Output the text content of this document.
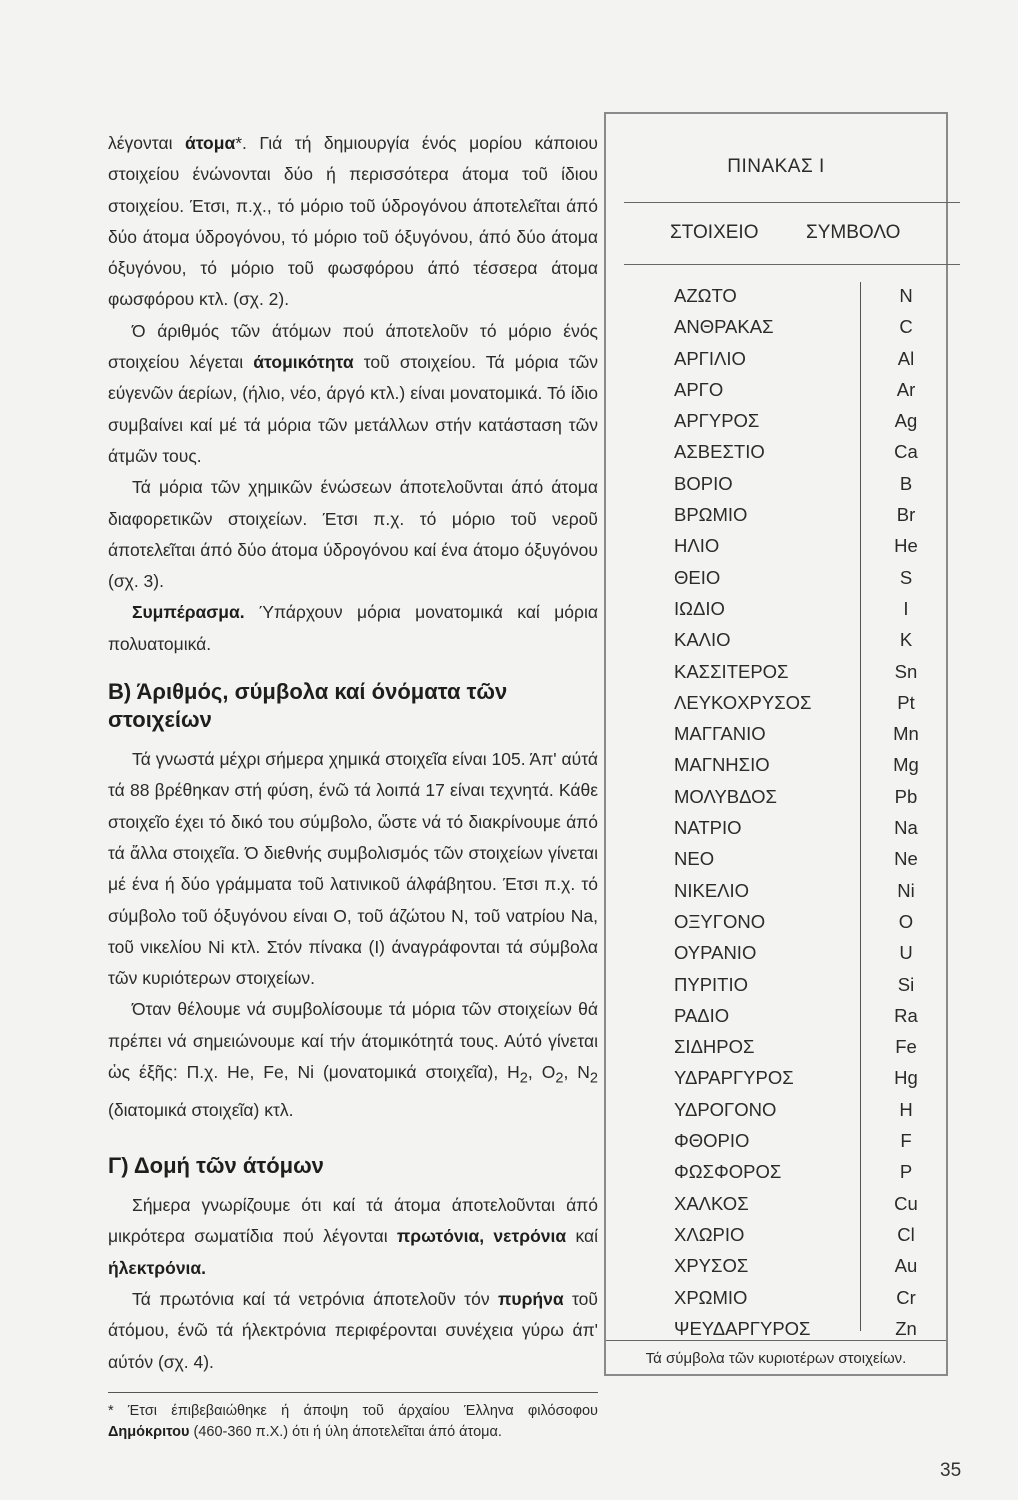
λέγονται άτομα*. Γιά τή δημιουργία ένός μορίου κάποιου στοιχείου ένώνονται δύο ή περισσότερα άτομα τοῦ ίδιου στοιχείου. Έτσι, π.χ., τό μόριο τοῦ ύδρογόνου άποτελεῖται άπό δύο άτομα ύδρογόνου, τό μόριο τοῦ όξυγόνου, άπό δύο άτομα όξυγόνου, τό μόριο τοῦ φωσφόρου άπό τέσσερα άτομα φωσφόρου κτλ. (σχ. 2).

Ό άριθμός τῶν άτόμων πού άποτελοῦν τό μόριο ένός στοιχείου λέγεται άτομικότητα τοῦ στοιχείου. Τά μόρια τῶν εύγενῶν άερίων, (ήλιο, νέο, άργό κτλ.) είναι μονατομικά. Τό ίδιο συμβαίνει καί μέ τά μόρια τῶν μετάλλων στήν κατάσταση τῶν άτμῶν τους.

Τά μόρια τῶν χημικῶν ένώσεων άποτελοῦνται άπό άτομα διαφορετικῶν στοιχείων. Έτσι π.χ. τό μόριο τοῦ νεροῦ άποτελεῖται άπό δύο άτομα ύδρογόνου καί ένα άτομο όξυγόνου (σχ. 3).

Συμπέρασμα. Ύπάρχουν μόρια μονατομικά καί μόρια πολυατομικά.

Β) Άριθμός, σύμβολα καί όνόματα τῶν στοιχείων

Τά γνωστά μέχρι σήμερα χημικά στοιχεῖα είναι 105. Άπ' αύτά τά 88 βρέθηκαν στή φύση, ένῶ τά λοιπά 17 είναι τεχνητά. Κάθε στοιχεῖο έχει τό δικό του σύμβολο, ὥστε νά τό διακρίνουμε άπό τά ἄλλα στοιχεῖα. Ό διεθνής συμβολισμός τῶν στοιχείων γίνεται μέ ένα ή δύο γράμματα τοῦ λατινικοῦ άλφάβητου. Έτσι π.χ. τό σύμβολο τοῦ όξυγόνου είναι O, τοῦ άζώτου N, τοῦ νατρίου Na, τοῦ νικελίου Ni κτλ. Στόν πίνακα (I) άναγράφονται τά σύμβολα τῶν κυριότερων στοιχείων.

Όταν θέλουμε νά συμβολίσουμε τά μόρια τῶν στοιχείων θά πρέπει νά σημειώνουμε καί τήν άτομικότητά τους. Αύτό γίνεται ὡς έξῆς: Π.χ. He, Fe, Ni (μονατομικά στοιχεῖα), $H_2$, $O_2$, $N_2$ (διατομικά στοιχεῖα) κτλ.

Γ) Δομή τῶν άτόμων

Σήμερα γνωρίζουμε ότι καί τά άτομα άποτελοῦνται άπό μικρότερα σωματίδια πού λέγονται πρωτόνια, νετρόνια καί ήλεκτρόνια.

Τά πρωτόνια καί τά νετρόνια άποτελοῦν τόν πυρήνα τοῦ άτόμου, ένῶ τά ήλεκτρόνια περιφέρονται συνέχεια γύρω άπ' αύτόν (σχ. 4).

* Έτσι έπιβεβαιώθηκε ή άποψη τοῦ άρχαίου Έλληνα φιλόσοφου Δημόκριτου (460-360 π.Χ.) ότι ή ύλη άποτελεῖται άπό άτομα.

ΠΙΝΑΚΑΣ I
ΣΤΟΙΧΕΙΟ	ΣΥΜΒΟΛΟ
ΑΖΩΤΟ	N
ΑΝΘΡΑΚΑΣ	C
ΑΡΓΙΛΙΟ	Al
ΑΡΓΟ	Ar
ΑΡΓΥΡΟΣ	Ag
ΑΣΒΕΣΤΙΟ	Ca
ΒΟΡΙΟ	B
ΒΡΩΜΙΟ	Br
ΗΛΙΟ	He
ΘΕΙΟ	S
ΙΩΔΙΟ	I
ΚΑΛΙΟ	K
ΚΑΣΣΙΤΕΡΟΣ	Sn
ΛΕΥΚΟΧΡΥΣΟΣ	Pt
ΜΑΓΓΑΝΙΟ	Mn
ΜΑΓΝΗΣΙΟ	Mg
ΜΟΛΥΒΔΟΣ	Pb
ΝΑΤΡΙΟ	Na
ΝΕΟ	Ne
ΝΙΚΕΛΙΟ	Ni
ΟΞΥΓΟΝΟ	O
ΟΥΡΑΝΙΟ	U
ΠΥΡΙΤΙΟ	Si
ΡΑΔΙΟ	Ra
ΣΙΔΗΡΟΣ	Fe
ΥΔΡΑΡΓΥΡΟΣ	Hg
ΥΔΡΟΓΟΝΟ	H
ΦΘΟΡΙΟ	F
ΦΩΣΦΟΡΟΣ	P
ΧΑΛΚΟΣ	Cu
ΧΛΩΡΙΟ	Cl
ΧΡΥΣΟΣ	Au
ΧΡΩΜΙΟ	Cr
ΨΕΥΔΑΡΓΥΡΟΣ	Zn
Τά σύμβολα τῶν κυριοτέρων στοιχείων.
35
